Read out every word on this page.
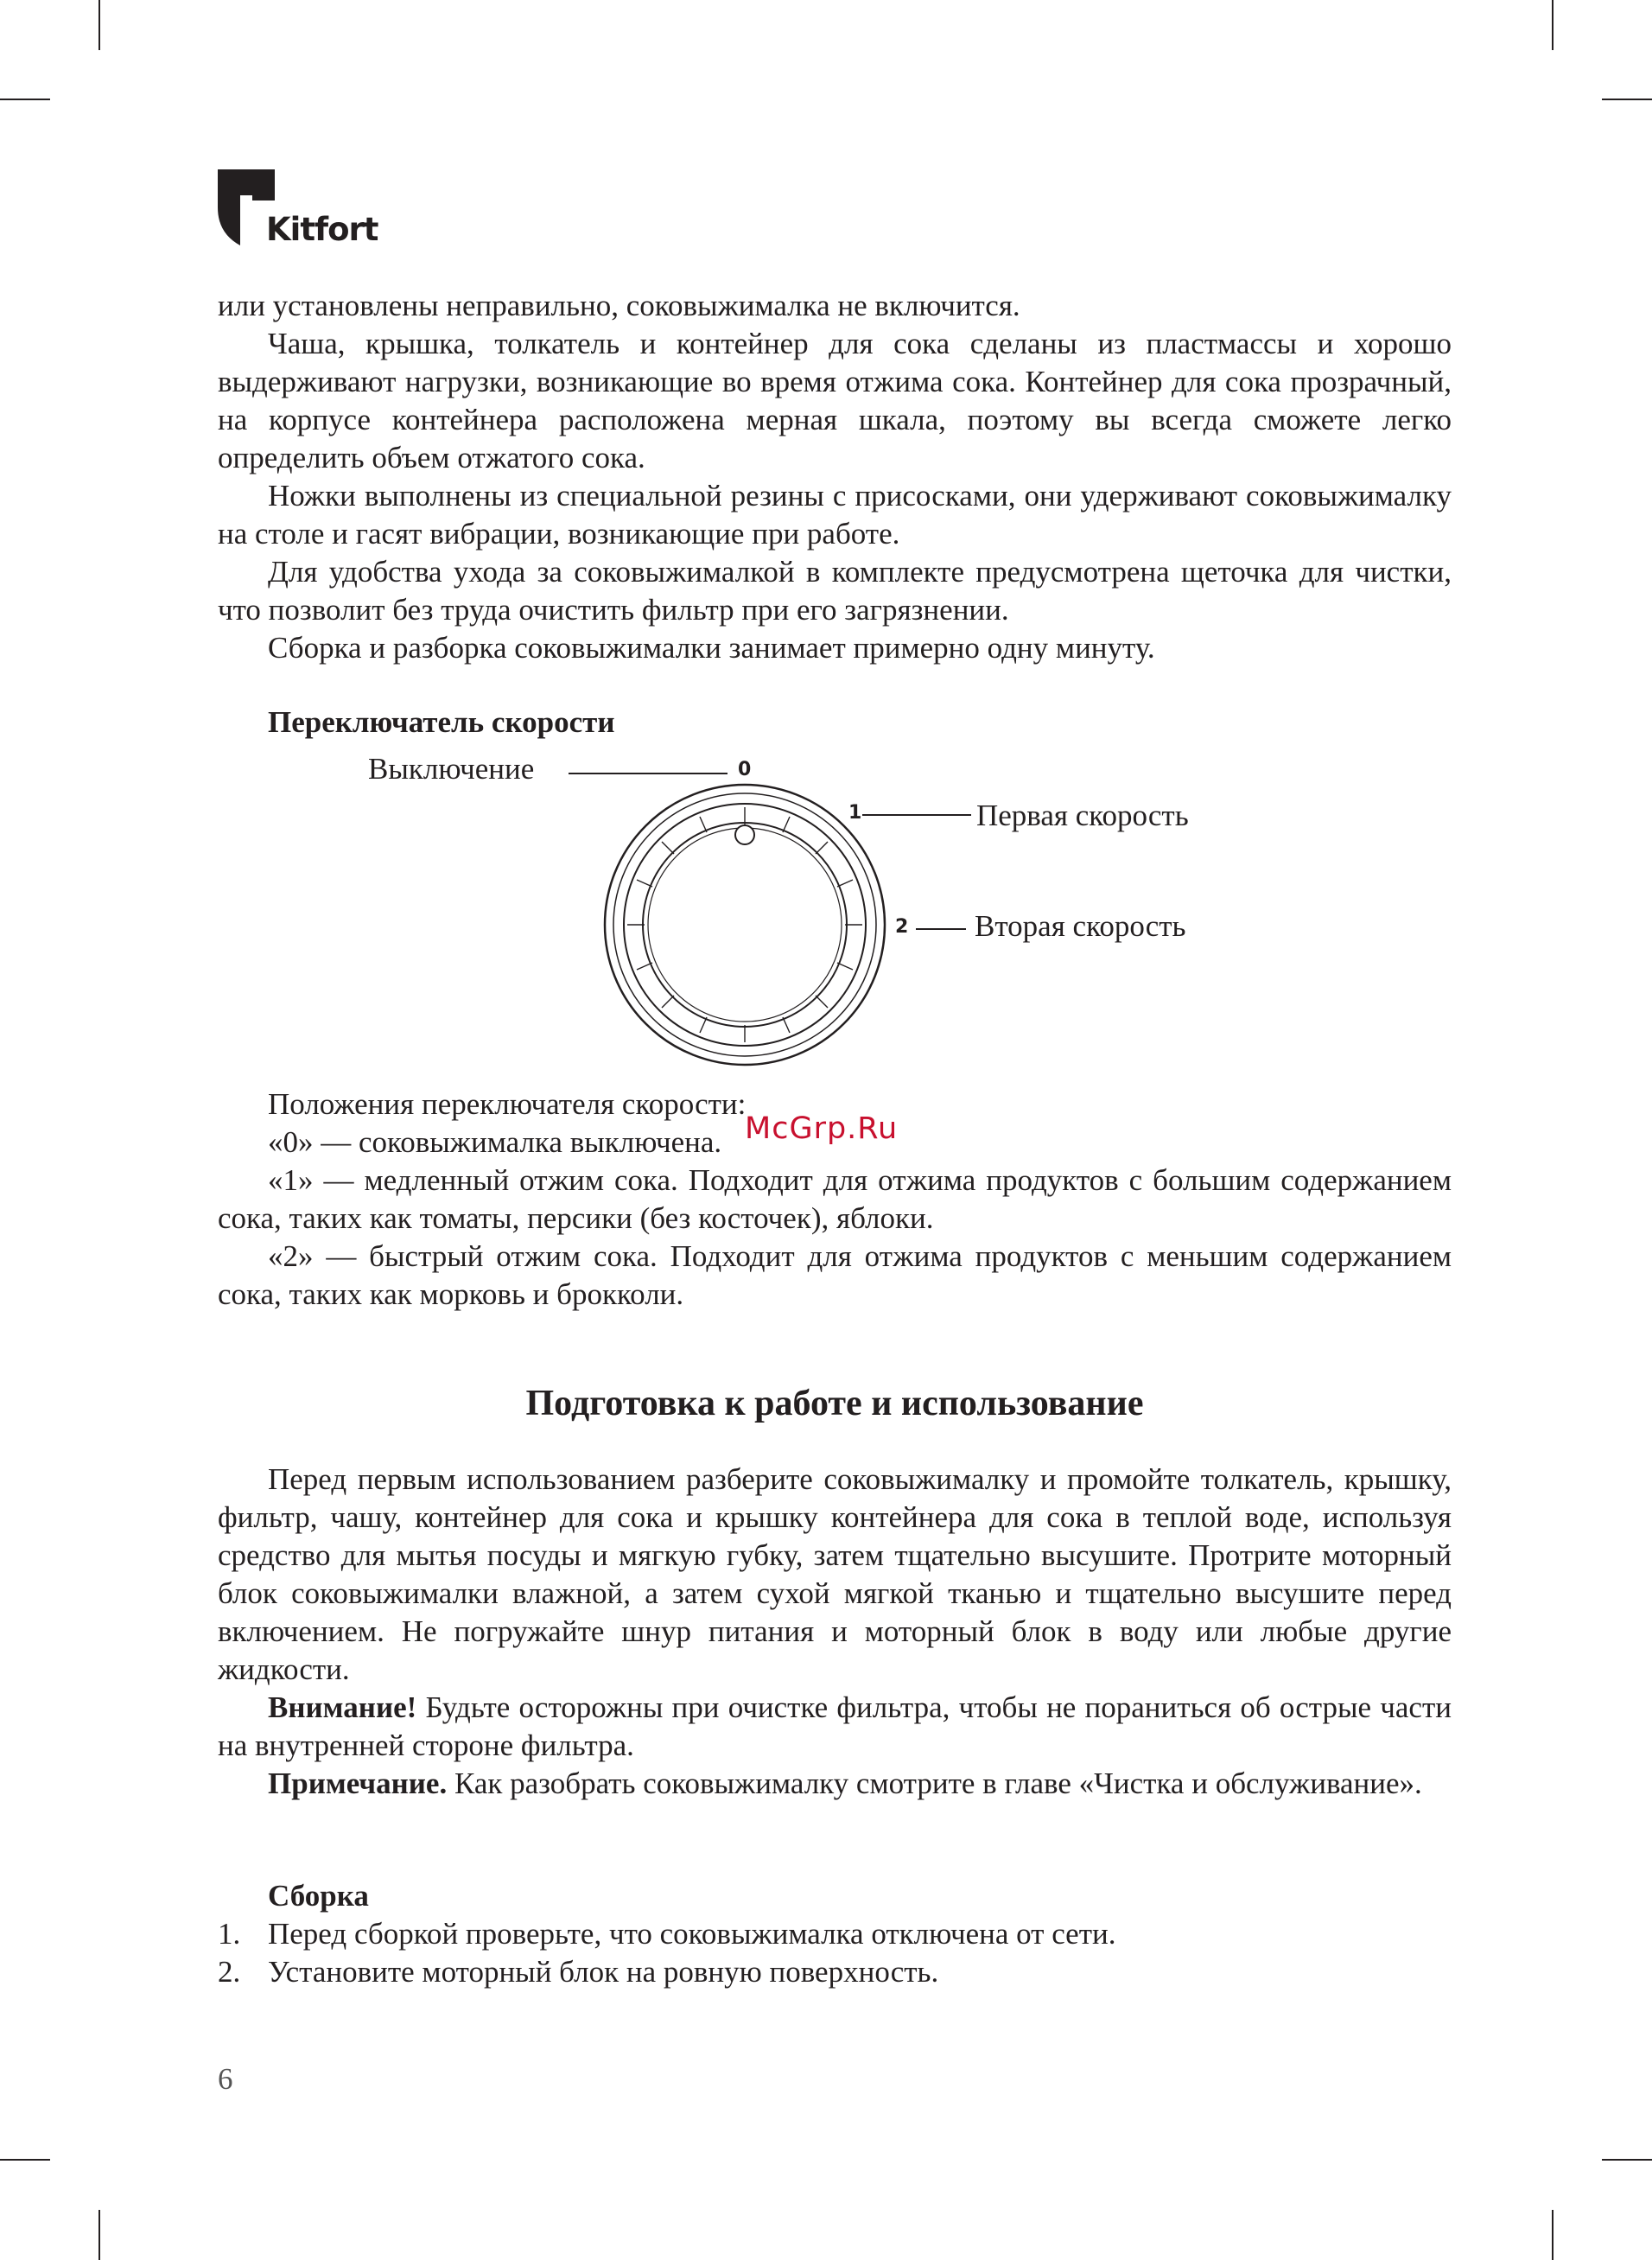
Kitfort

или установлены неправильно, соковыжималка не включится.

Чаша, крышка, толкатель и контейнер для сока сделаны из пластмассы и хорошо выдерживают нагрузки, возникающие во время отжима сока. Контейнер для сока прозрачный, на корпусе контейнера расположена мерная шкала, поэтому вы всегда сможете легко определить объем отжатого сока.

Ножки выполнены из специальной резины с присосками, они удерживают соковыжималку на столе и гасят вибрации, возникающие при работе.

Для удобства ухода за соковыжималкой в комплекте предусмотрена щеточка для чистки, что позволит без труда очистить фильтр при его загрязнении.

Сборка и разборка соковыжималки занимает примерно одну минуту.

Переключатель скорости
Выключение	0
1
2
Первая скорость
Вторая скорость

Положения переключателя скорости:

«0» — соковыжималка выключена.

«1» — медленный отжим сока. Подходит для отжима продуктов с большим содержанием сока, таких как томаты, персики (без косточек), яблоки.

«2» — быстрый отжим сока. Подходит для отжима продуктов с меньшим содержанием сока, таких как морковь и брокколи.

McGrp.Ru
Подготовка к работе и использование

Перед первым использованием разберите соковыжималку и промойте толкатель, крышку, фильтр, чашу, контейнер для сока и крышку контейнера для сока в теплой воде, используя средство для мытья посуды и мягкую губку, затем тщательно высушите. Протрите моторный блок соковыжималки влажной, а затем сухой мягкой тканью и тщательно высушите перед включением. Не погружайте шнур питания и моторный блок в воду или любые другие жидкости.

Внимание! Будьте осторожны при очистке фильтра, чтобы не пораниться об острые части на внутренней стороне фильтра.

Примечание. Как разобрать соковыжималку смотрите в главе «Чистка и обслуживание».

Сборка
1. Перед сборкой проверьте, что соковыжималка отключена от сети.
2. Установите моторный блок на ровную поверхность.
6
